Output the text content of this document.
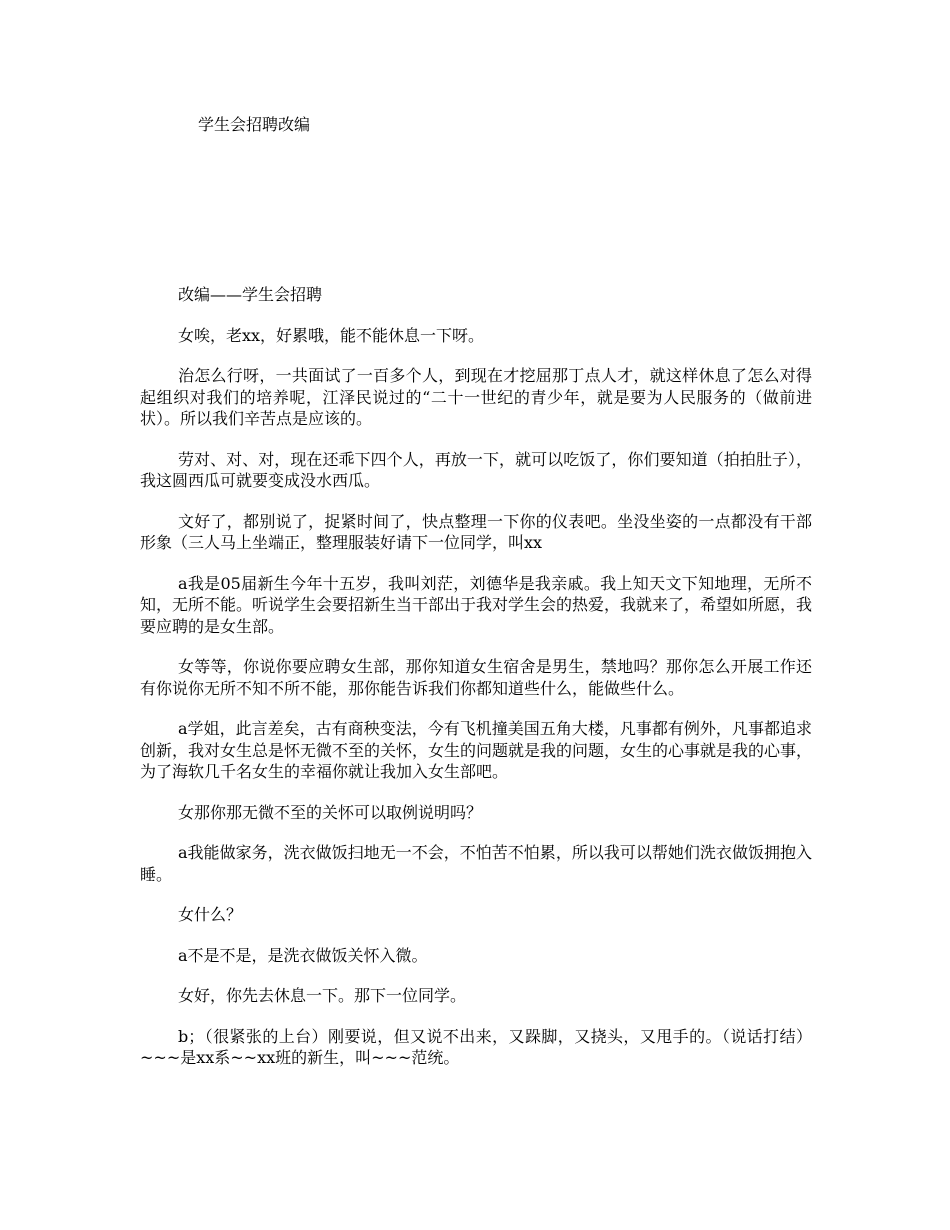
学生会招聘改编

改编——学生会招聘

女唉，老xx，好累哦，能不能休息一下呀。

治怎么行呀，一共面试了一百多个人，到现在才挖屈那丁点人才，就这样休息了怎么对得起组织对我们的培养呢，江泽民说过的“二十一世纪的青少年，就是要为人民服务的（做前进状）。所以我们辛苦点是应该的。

劳对、对、对，现在还乖下四个人，再放一下，就可以吃饭了，你们要知道（拍拍肚子），我这圆西瓜可就要变成没水西瓜。

文好了，都别说了，捉紧时间了，快点整理一下你的仪表吧。坐没坐姿的一点都没有干部形象（三人马上坐端正，整理服装好请下一位同学，叫xx

a我是05届新生今年十五岁，我叫刘茫，刘德华是我亲戚。我上知天文下知地理，无所不知，无所不能。听说学生会要招新生当干部出于我对学生会的热爱，我就来了，希望如所愿，我要应聘的是女生部。

女等等，你说你要应聘女生部，那你知道女生宿舍是男生，禁地吗？那你怎么开展工作还有你说你无所不知不所不能，那你能告诉我们你都知道些什么，能做些什么。

a学姐，此言差矣，古有商秧变法，今有飞机撞美国五角大楼，凡事都有例外，凡事都追求创新，我对女生总是怀无微不至的关怀，女生的问题就是我的问题，女生的心事就是我的心事，为了海软几千名女生的幸福你就让我加入女生部吧。

女那你那无微不至的关怀可以取例说明吗？

a我能做家务，洗衣做饭扫地无一不会，不怕苦不怕累，所以我可以帮她们洗衣做饭拥抱入睡。

女什么？

a不是不是，是洗衣做饭关怀入微。

女好，你先去休息一下。那下一位同学。

b；（很紧张的上台）刚要说，但又说不出来，又跺脚，又挠头，又甩手的。（说话打结）~~~是xx系~~xx班的新生，叫~~~范统。
